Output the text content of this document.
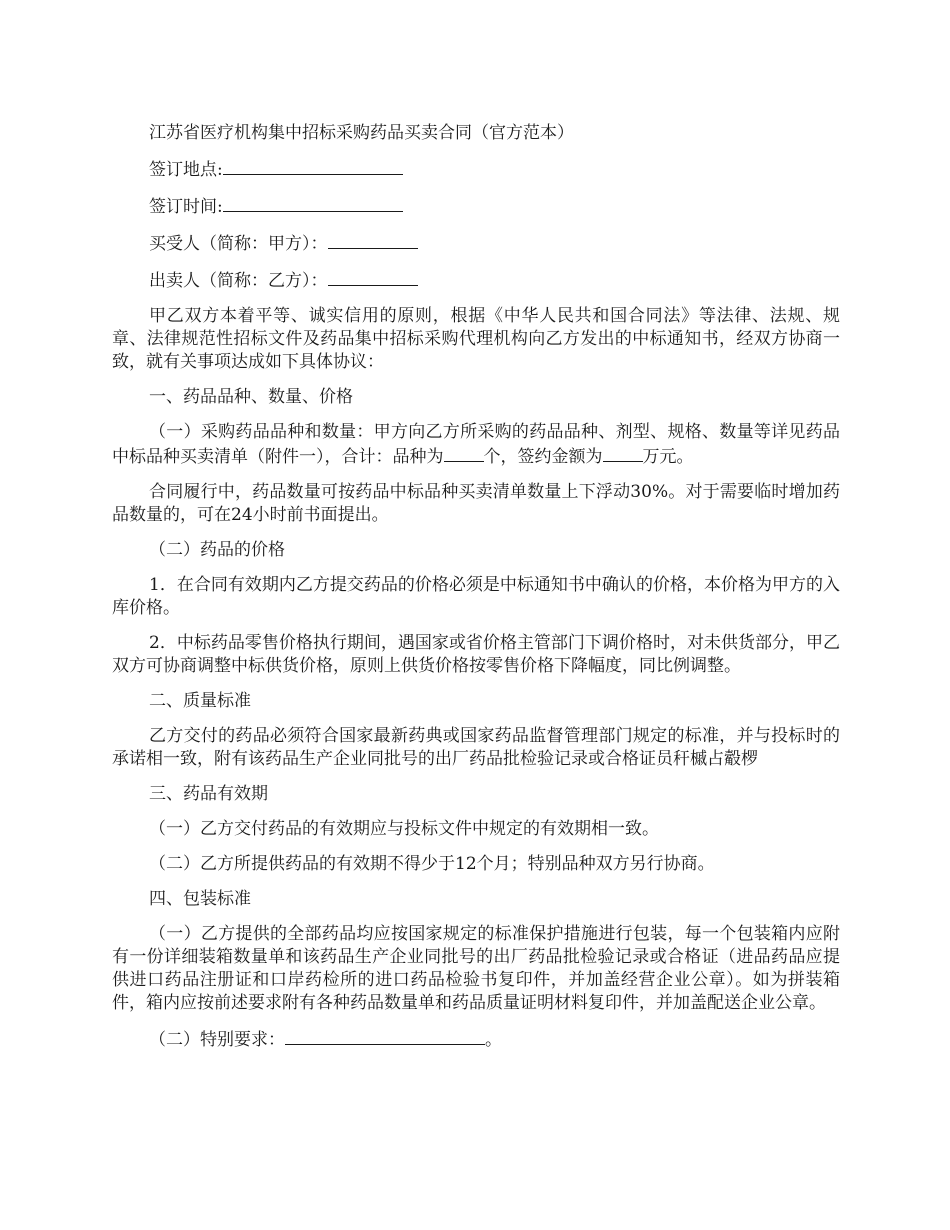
江苏省医疗机构集中招标采购药品买卖合同（官方范本）

签订地点:

签订时间:

买受人（简称：甲方）：

出卖人（简称：乙方）：

甲乙双方本着平等、诚实信用的原则，根据《中华人民共和国合同法》等法律、法规、规章、法律规范性招标文件及药品集中招标采购代理机构向乙方发出的中标通知书，经双方协商一致，就有关事项达成如下具体协议：

一、药品品种、数量、价格

（一）采购药品品种和数量：甲方向乙方所采购的药品品种、剂型、规格、数量等详见药品中标品种买卖清单（附件一），合计：品种为 个，签约金额为 万元。

合同履行中，药品数量可按药品中标品种买卖清单数量上下浮动30%。对于需要临时增加药品数量的，可在24小时前书面提出。

（二）药品的价格

1．在合同有效期内乙方提交药品的价格必须是中标通知书中确认的价格，本价格为甲方的入库价格。

2．中标药品零售价格执行期间，遇国家或省价格主管部门下调价格时，对未供货部分，甲乙双方可协商调整中标供货价格，原则上供货价格按零售价格下降幅度，同比例调整。

二、质量标准

乙方交付的药品必须符合国家最新药典或国家药品监督管理部门规定的标准，并与投标时的承诺相一致，附有该药品生产企业同批号的出厂药品批检验记录或合格证员秆槭占觳椤

三、药品有效期

（一）乙方交付药品的有效期应与投标文件中规定的有效期相一致。

（二）乙方所提供药品的有效期不得少于12个月；特别品种双方另行协商。

四、包装标准

（一）乙方提供的全部药品均应按国家规定的标准保护措施进行包装，每一个包装箱内应附有一份详细装箱数量单和该药品生产企业同批号的出厂药品批检验记录或合格证（进品药品应提供进口药品注册证和口岸药检所的进口药品检验书复印件，并加盖经营企业公章）。如为拼装箱件，箱内应按前述要求附有各种药品数量单和药品质量证明材料复印件，并加盖配送企业公章。

（二）特别要求：	。
